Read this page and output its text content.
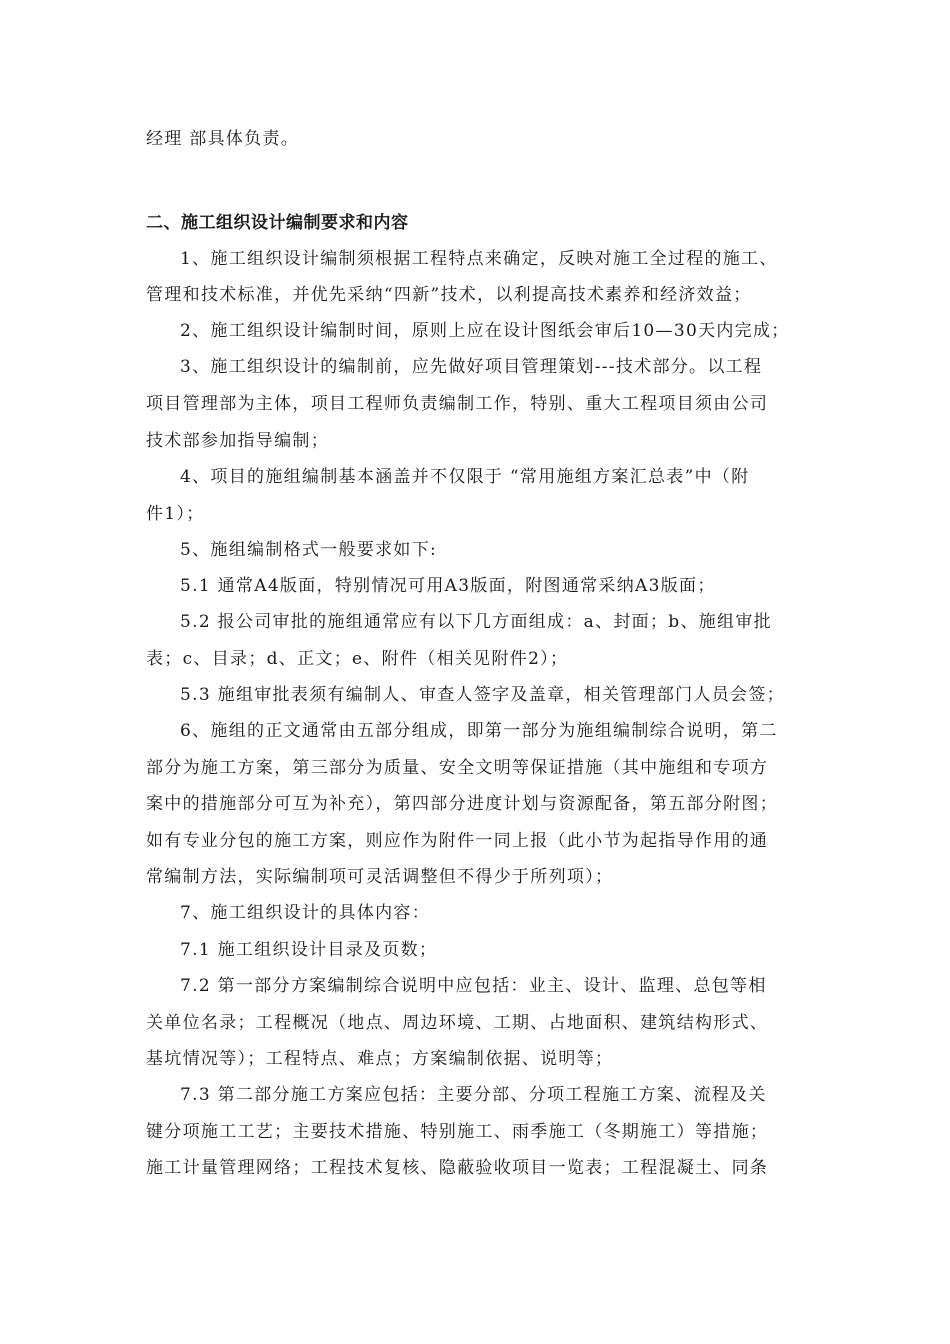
经理 部具体负责。
二、施工组织设计编制要求和内容
1、施工组织设计编制须根据工程特点来确定，反映对施工全过程的施工、
管理和技术标准，并优先采纳“四新”技术，以利提高技术素养和经济效益；
2、施工组织设计编制时间，原则上应在设计图纸会审后10—30天内完成；
3、施工组织设计的编制前，应先做好项目管理策划---技术部分。以工程
项目管理部为主体，项目工程师负责编制工作，特别、重大工程项目须由公司
技术部参加指导编制；
4、项目的施组编制基本涵盖并不仅限于 “常用施组方案汇总表”中（附
件1）；
5、施组编制格式一般要求如下:
5.1 通常A4版面，特别情况可用A3版面，附图通常采纳A3版面；
5.2 报公司审批的施组通常应有以下几方面组成：a、封面；b、施组审批
表；c、目录；d、正文；e、附件（相关见附件2）；
5.3 施组审批表须有编制人、审查人签字及盖章，相关管理部门人员会签；
6、施组的正文通常由五部分组成，即第一部分为施组编制综合说明，第二
部分为施工方案，第三部分为质量、安全文明等保证措施（其中施组和专项方
案中的措施部分可互为补充），第四部分进度计划与资源配备，第五部分附图；
如有专业分包的施工方案，则应作为附件一同上报（此小节为起指导作用的通
常编制方法，实际编制项可灵活调整但不得少于所列项）；
7、施工组织设计的具体内容：
7.1 施工组织设计目录及页数；
7.2 第一部分方案编制综合说明中应包括：业主、设计、监理、总包等相
关单位名录；工程概况（地点、周边环境、工期、占地面积、建筑结构形式、
基坑情况等）；工程特点、难点；方案编制依据、说明等；
7.3 第二部分施工方案应包括：主要分部、分项工程施工方案、流程及关
键分项施工工艺；主要技术措施、特别施工、雨季施工（冬期施工）等措施；
施工计量管理网络；工程技术复核、隐蔽验收项目一览表；工程混凝土、同条
